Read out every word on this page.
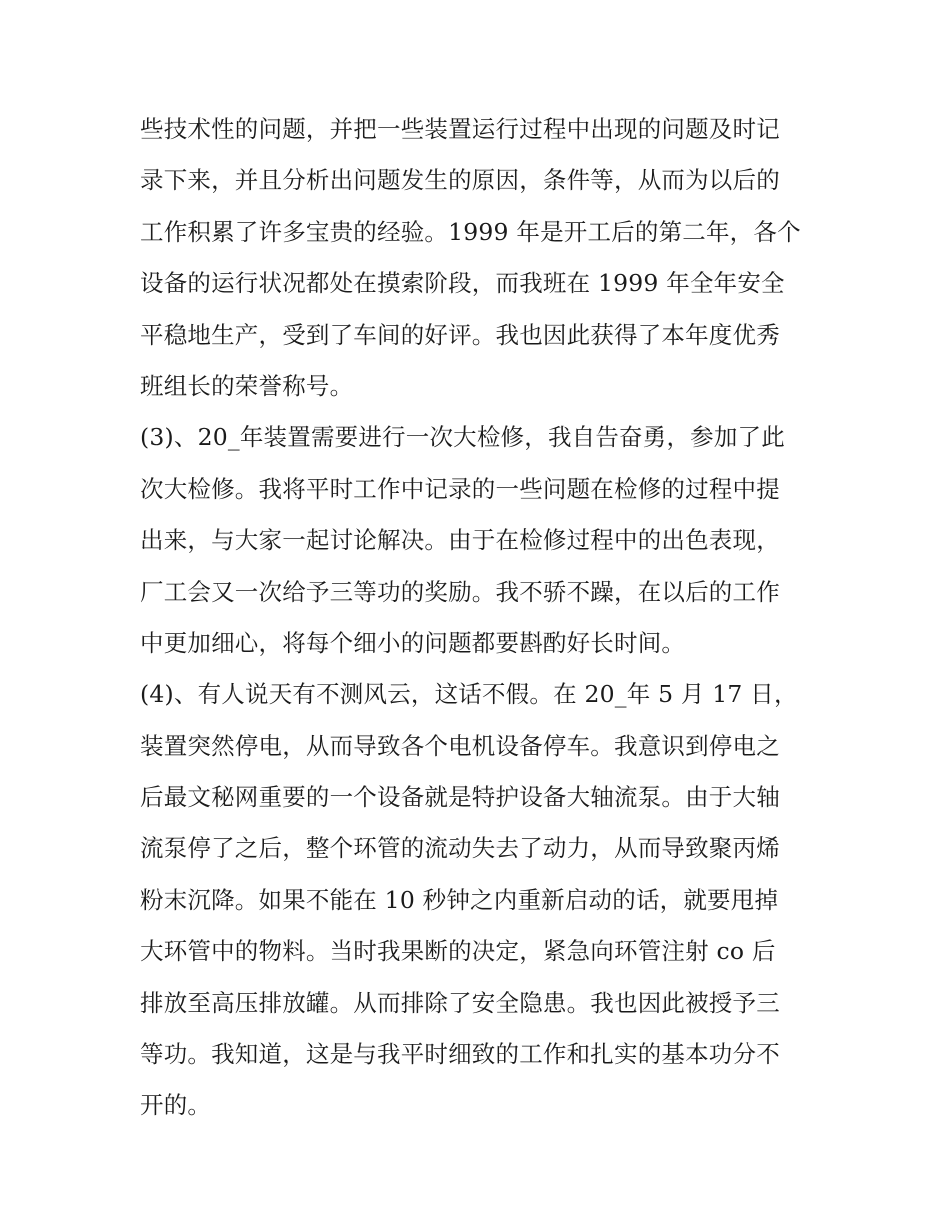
些技术性的问题，并把一些装置运行过程中出现的问题及时记
录下来，并且分析出问题发生的原因，条件等，从而为以后的
工作积累了许多宝贵的经验。1999 年是开工后的第二年，各个
设备的运行状况都处在摸索阶段，而我班在 1999 年全年安全
平稳地生产，受到了车间的好评。我也因此获得了本年度优秀
班组长的荣誉称号。
(3)、20_年装置需要进行一次大检修，我自告奋勇，参加了此
次大检修。我将平时工作中记录的一些问题在检修的过程中提
出来，与大家一起讨论解决。由于在检修过程中的出色表现，
厂工会又一次给予三等功的奖励。我不骄不躁，在以后的工作
中更加细心，将每个细小的问题都要斟酌好长时间。
(4)、有人说天有不测风云，这话不假。在 20_年 5 月 17 日，
装置突然停电，从而导致各个电机设备停车。我意识到停电之
后最文秘网重要的一个设备就是特护设备大轴流泵。由于大轴
流泵停了之后，整个环管的流动失去了动力，从而导致聚丙烯
粉末沉降。如果不能在 10 秒钟之内重新启动的话，就要甩掉
大环管中的物料。当时我果断的决定，紧急向环管注射 co 后
排放至高压排放罐。从而排除了安全隐患。我也因此被授予三
等功。我知道，这是与我平时细致的工作和扎实的基本功分不
开的。
